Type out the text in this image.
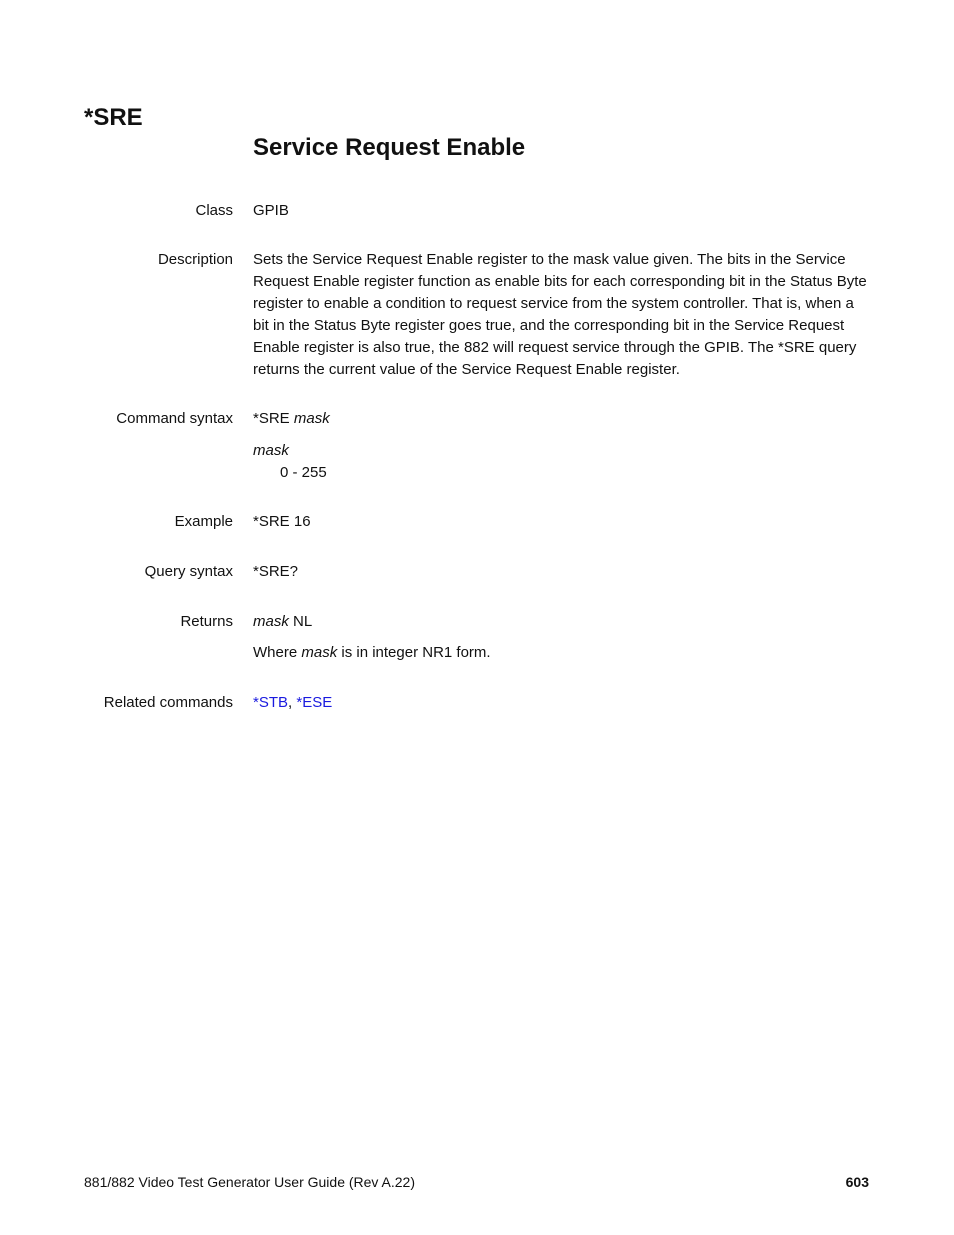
*SRE
Service Request Enable
Class GPIB
Description Sets the Service Request Enable register to the mask value given. The bits in the Service Request Enable register function as enable bits for each corresponding bit in the Status Byte register to enable a condition to request service from the system controller. That is, when a bit in the Status Byte register goes true, and the corresponding bit in the Service Request Enable register is also true, the 882 will request service through the GPIB. The *SRE query returns the current value of the Service Request Enable register.
Command syntax *SRE mask

mask

0 - 255

Example *SRE 16
Query syntax *SRE?
Returns mask NL

Where mask is in integer NR1 form.

Related commands *STB, *ESE
881/882 Video Test Generator User Guide (Rev A.22)	603
